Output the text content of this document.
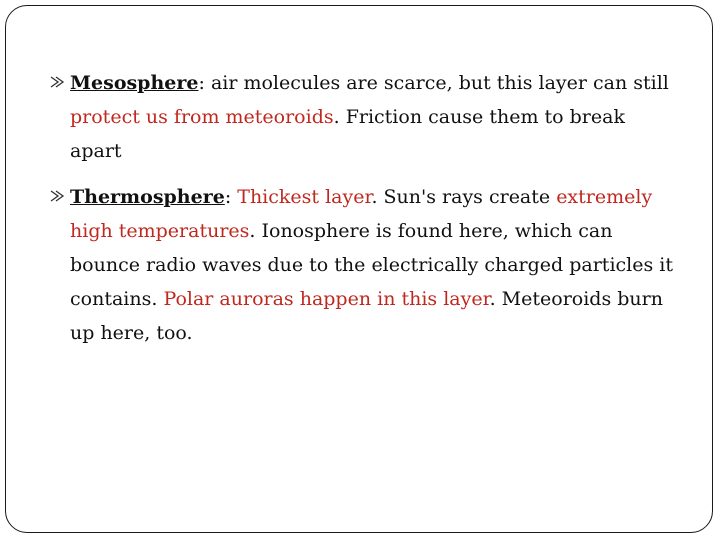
Mesosphere: air molecules are scarce, but this layer can still protect us from meteoroids. Friction cause them to break apart
Thermosphere: Thickest layer. Sun's rays create extremely high temperatures. Ionosphere is found here, which can bounce radio waves due to the electrically charged particles it contains. Polar auroras happen in this layer. Meteoroids burn up here, too.
